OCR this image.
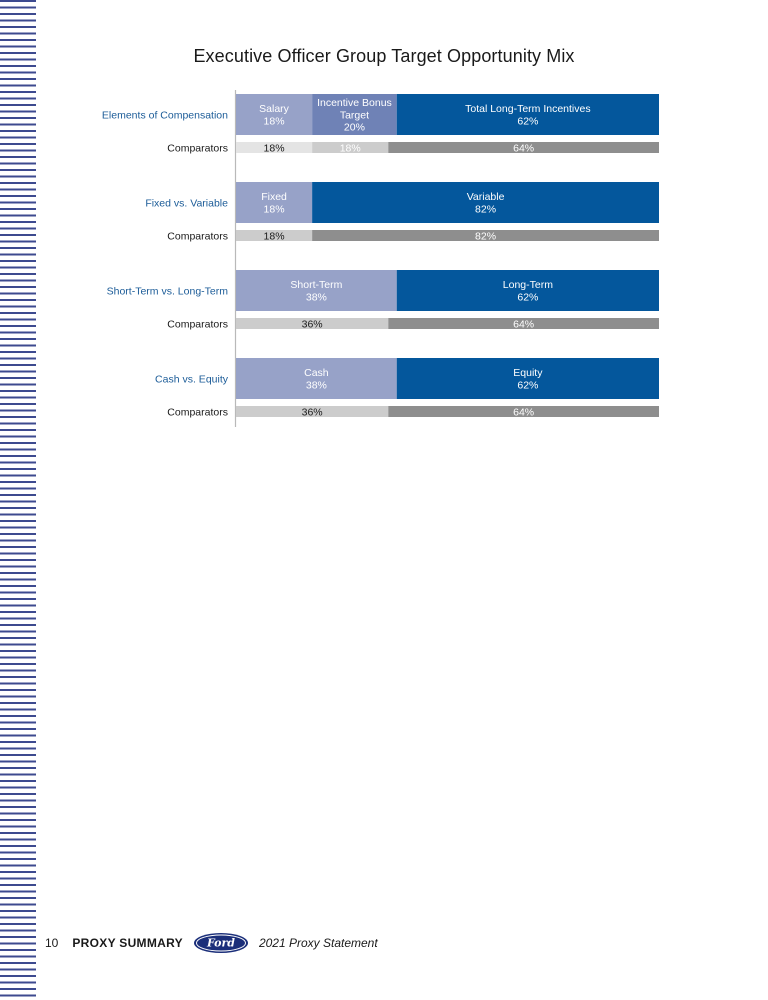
Executive Officer Group Target Opportunity Mix
Elements of Compensation
Salary
18%
Incentive Bonus
Target
20%
Total Long-Term Incentives
62%
Comparators	18%	18%	64%
Fixed vs. Variable
Fixed
18%
Variable
82%
Comparators	18%	82%
Short-Term vs. Long-Term
Short-Term
38%
Long-Term
62%
Comparators	36%	64%
Cash vs. Equity
Cash
38%
Equity
62%
Comparators	36%	64%
10 PROXY SUMMARY Ford 2021 Proxy Statement
